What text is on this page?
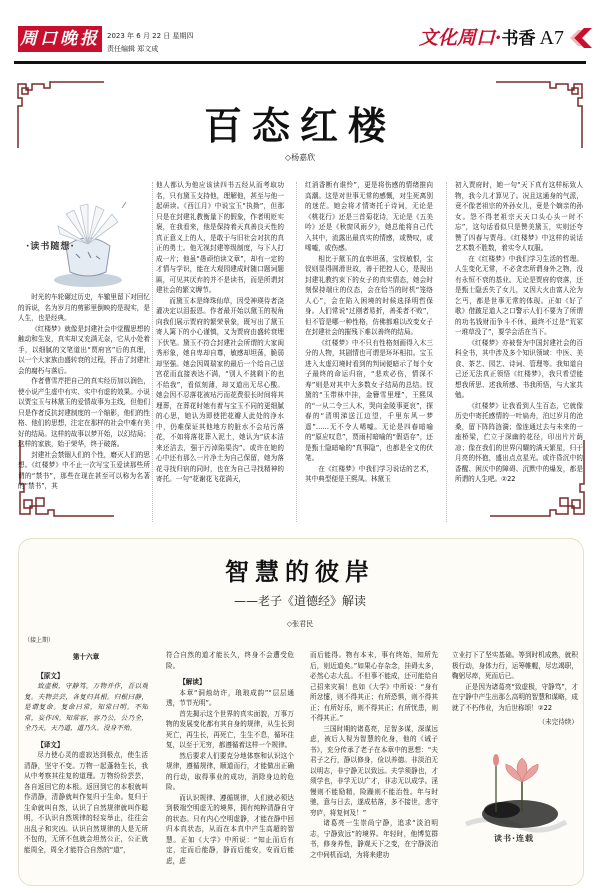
周口晚报 2023 年 6 月 22 日 星期四
责任编辑 郑文成	文化周口·书香 A7
百态红楼
◇杨嘉欣
·读书随想·

时光的车轮碾过历史，车辙里留下对回忆的诉说，名为岁月的剪影里倒映的是现实，是人生，也是经典。

《红楼梦》就像是封建社会中觉醒思想的触动和生发，真实却又充满无奈，它从小处着手，以细腻的文笔道出“贾府宫”后的真理，以一个大家族由盛转衰的过程，抨击了封建社会的腐朽与落后。

作者曹雪芹把自己的真实经历加以润色，使小说产生虚中有实、实中有虚的效果。小说以贾宝玉与林黛玉的爱情故事为主线，但他们只是作者反抗封建制度的一个缩影，他们的性格、他们的思想，注定在那样的社会中难有美好的结局。这样的故事以梦开始，以幻结局；这样的家族，始于荣华，终于破落。

封建社会禁锢人们的个性，磨灭人们的思想。《红楼梦》中不止一次写宝玉爱读那些所谓的“禁书”，那些在现在甚至可以称为名著的“禁书”，其

他人都认为他应该读四书五经从而考取功名，只有黛玉支持他，理解他，甚至与他一起研读。《西江月》中说宝玉“执拗”，但那只是在封建礼教衡量下的假象，作者明贬实褒，在我看来，他是保持着天真善良天性的真正意义上的人，是敢于与旧社会对抗的真正的勇士。他无视封建等级制度，与下人打成一片；他虽“愚顽怕读文章”，却有一定的才情与学识，能在大观园建成时随口题词题匾，可见其厌弃的并不是读书，而是所谓封建社会的繁文缛节。

而黛玉本是绛珠仙草，因受神瑛侍者浇灌决定以泪报恩。作者最开始以黛玉的视角向我们展示贾府的繁荣景象，既写出了黛玉寄人篱下的小心谨慎，又为贾府由盛转衰埋下伏笔。黛玉不符合封建社会所谓的大家闺秀形象，她自卑却自尊，敏感却坦荡，脆弱却坚强。她会因周瑞家的最后一个给自己送宫花而直接表达不满，“别人不挑剩下的也不给我”，看似刻薄，却又道出无尽心酸。她会因不忍落花被玷污而花费很长时间将其埋葬，在葬花时她有着与宝玉不同的更细腻的心思，她认为即使把花瓣人此处的净水中，仍难保证其他地方的脏水不会玷污落花，不如将落花葬入泥土，她认为“质本洁来还洁去，强于污淖陷渠沟”。或许在她的心中还有那么一片净土为自己保留，她为落花寻找归宿的同时，也在为自己寻找精神的寄托。一句“花谢花飞花满天，

红消香断有谁怜”，更是将伤感的情绪推向高潮。这是对世事无常的感慨，对生死离别的迷茫。她会将才情寄托于诗词，无论是《桃花行》还是三首菊花诗，无论是《五美吟》还是《秋窗风雨夕》，她总能将自己代入其中，流露出最真实的情感，或赞叹，或唏嘘，或伤感。

相比于黛玉的直率坦荡，宝钗敏恨，宝钗则显得圆滑世故，善于把控人心，是现出封建礼教约束下的女子的真实情态，她会时刻保持端庄的仪态，会在恰当的时机“笼络人心”，会在陷入困境的时候选择明哲保身。人们常说“过刚者易折，善柔者不败”，但不管是哪一种性格，仿佛都难以改变女子在封建社会的摧残下难以善终的结局。

《红楼梦》中不只有性格刻画得入木三分的人物，其剧情也可谓是环环相扣。宝玉进入太虚幻境时看到的判词便暗示了每个女子最终的命运归宿，“悲欢必伤，情深不寿”则是对其中大多数女子结局的总结。钗黛的“玉带林中挂，金簪雪里埋”，王熙凤的“一从二令三人木，哭向金陵事更哀”，探春的“清明涕送江边望，千里东风一梦遥”……无不令人唏嘘。无论是四春暗喻的“原应叹息”，贾雨村暗喻的“假语存”，还是甄士隐暗喻的“真事隐”，也都是全文的伏笔。

在《红楼梦》中我们学习说话的艺术，其中典型便是王熙凤。林黛玉

初入贾府时，她一句“天下真有这样标致人物，我今儿才算见了。况且这通身的气派，竟不像老祖宗的外孙女儿，竟是个嫡亲的孙女。怨不得老祖宗天天口头心头一时不忘”，这句话看似只是赞美黛玉，实则还夸赞了四春与贾母。《红楼梦》中这样的说话艺术数不胜数，着实令人叹服。

在《红楼梦》中我们学习生活的哲理。人生变化无常，不必贪恋所谓身外之物，没有永恒不衰的基业。无论是贾府的衰落，还是甄士隐丢失了女儿，又因大火由富人沦为乞丐，都是世事无常的体现。正如《好了歌》借跛足道人之口警示人们不要为了所谓的功名钱财而争斗不休，最终不过是“荒冢一堆草没了”，要学会活在当下。

《红楼梦》亦被誉为中国封建社会的百科全书，其中涉及多个知识领域：中医、美食、茶艺、园艺、诗词、管理等。我知道自己还无法真正领悟《红楼梦》，我只希望能想我所思、述我所感、书我所悟，与大家共勉。

《红楼梦》让我看到人生百态，它就像历史中寄托感情的一叶扁舟，泊过岁月的沧桑，留下阵阵涟漪；像连通过去与未来的一座桥梁，伫立于深幽的花径，印出片片荫凉；像在我们的世界闪耀的满天繁星，归于月亮的怀抱，盛出点点星光。或许昏沉中的香醒、困厌中的障碍、沉默中的爆发，都是所谓的人生吧。②22

智慧的彼岸
——老子《道德经》解读
◇张君民
（接上期）
第十六章

【原文】

致虚极，守静笃。万物并作，吾以观复。夫物芸芸，各复归其根。归根曰静，是谓复命。复命曰常，知常曰明。不知常，妄作凶。知常容，容乃公，公乃全，全乃天，天乃道，道乃久。没身不殆。

【译文】

尽力使心灵的虚寂达到极点，使生活清静，坚守不变。万物一起蓬勃生长，我从中考察其往复的道理。万物纷纷芸芸，各自返回它的本根。返回到它的本根就叫作清静，清静就叫作复归于生命。复归于生命就叫自然，认识了自然规律就叫作聪明，不认识自然规律的轻妄举止，往往会出乱子和灾凶。认识自然规律的人是无所不包的，无所不包就会坦然公正，公正就能周全，周全才能符合自然的“道”，

符合自然的道才能长久，终身不会遭受危险。

【解读】

本章“洞烛幼许，琅琅成韵”“层层通透，节节光明”。

首先揭示这个世界的真实面貌，万事万物的发展变化都有其自身的规律，从生长到死亡，再生长，再死亡，生生不息，循环往复，以至于无穷，都遵循着这样一个规律。

然后要求人们要克分地体察和认识这个规律，遵循规律，顺道而行，才能做出正确的行动，取得事业的成功，消除身边的危险。

而认识规律、遵循规律，人们就必须达到极端空明虚无的境界，拥有纯粹清静自守的状态。只有内心空明虚静，才能在静中回归本真状态，从而在本真中产生高超的智慧。正如《大学》中所说：“知止而后有定，定而后能静，静而后能安，安而后能虑，虑

而后能得。物有本末，事有终始，知所先后，则近道矣。”如果心存杂念，挂碍太多，必然心志大乱。不但事不能成，还可能给自己招来灾祸！也如《大学》中所说：“身有所忿懥，则不得其正；有所恐惧，则不得其正；有所好乐，则不得其正；有所忧患，则不得其正。”

三国时期的诸葛亮，足智多谋，深谋远虑，被后人视为智慧的化身，他的《诫子书》，充分传承了老子在本章中的思想：“夫君子之行，静以修身，俭以养德。非淡泊无以明志，非宁静无以致远。夫学须静也，才须学也，非学无以广才，非志无以成学。淫慢则不能励精，险躁则不能治性。年与时驰，意与日去，遂成枯落，多不接世，悲守穷庐，将复何及！”

诸葛亮一生崇尚宁静，追求“淡泊明志，宁静致远”的境界。年轻时，他博览群书，修身养性，静观天下之变，在宁静淡泊之中伺机而动，为将来建功

立业打下了坚实基础。等到时机成熟，就积极行动，身体力行，运筹帷幄，尽忠竭职，鞠躬尽瘁，死而后已。

正是因为诸葛亮“致虚极，守静笃”，才在宁静中产生出那么高明的智慧和谋略，成就了不朽伟业，为后世称颂！②22

（未完待续）

读书·连载
